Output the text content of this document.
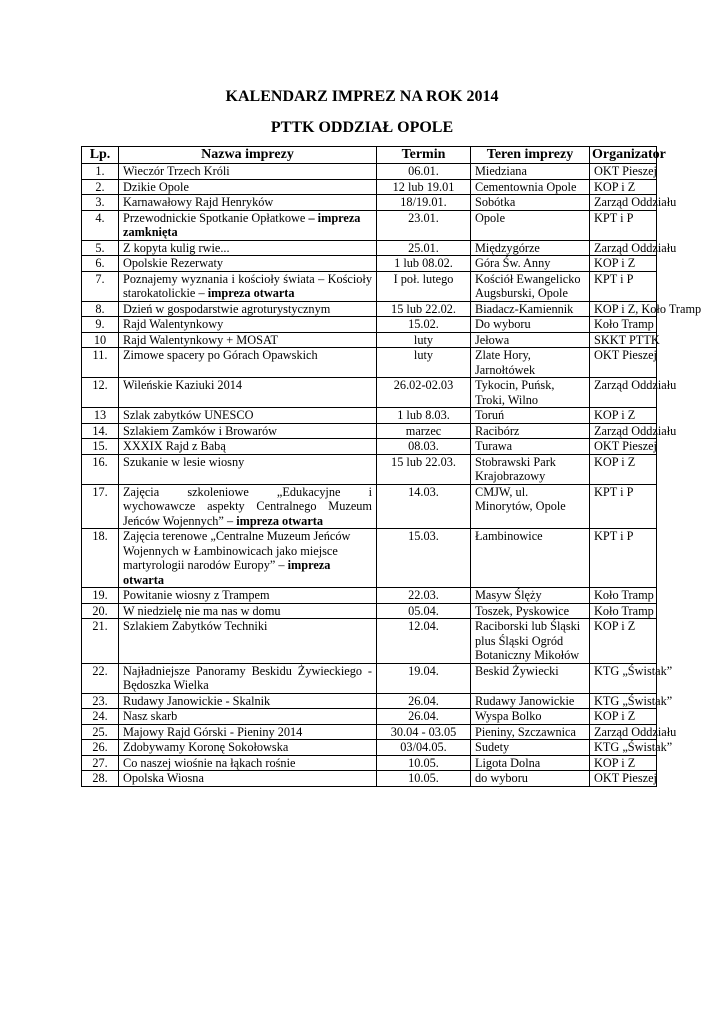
KALENDARZ IMPREZ NA ROK 2014
PTTK ODDZIAŁ OPOLE
Lp.	Nazwa imprezy	Termin	Teren imprezy	Organizator
1.	Wieczór Trzech Króli	06.01.	Miedziana	OKT Pieszej
2.	Dzikie Opole	12 lub 19.01	Cementownia Opole	KOP i Z
3.	Karnawałowy Rajd Henryków	18/19.01.	Sobótka	Zarząd Oddziału
4.	Przewodnickie Spotkanie Opłatkowe – impreza zamknięta	23.01.	Opole	KPT i P
5.	Z kopyta kulig rwie...	25.01.	Międzygórze	Zarząd Oddziału
6.	Opolskie Rezerwaty	1 lub 08.02.	Góra Św. Anny	KOP i Z
7.	Poznajemy wyznania i kościoły świata – Kościoły starokatolickie – impreza otwarta	I poł. lutego	Kościół Ewangelicko Augsburski, Opole	KPT i P
8.	Dzień w gospodarstwie agroturystycznym	15 lub 22.02.	Biadacz-Kamiennik	KOP i Z, Koło Tramp
9.	Rajd Walentynkowy	15.02.	Do wyboru	Koło Tramp
10	Rajd Walentynkowy + MOSAT	luty	Jełowa	SKKT PTTK
11.	Zimowe spacery po Górach Opawskich	luty	Zlate Hory, Jarnołtówek	OKT Pieszej
12.	Wileńskie Kaziuki 2014	26.02-02.03	Tykocin, Puńsk, Troki, Wilno	Zarząd Oddziału
13	Szlak zabytków UNESCO	1 lub 8.03.	Toruń	KOP i Z
14.	Szlakiem Zamków i Browarów	marzec	Racibórz	Zarząd Oddziału
15.	XXXIX Rajd z Babą	08.03.	Turawa	OKT Pieszej
16.	Szukanie w lesie wiosny	15 lub 22.03.	Stobrawski Park Krajobrazowy	KOP i Z
17.	Zajęcia szkoleniowe „Edukacyjne i wychowawcze aspekty Centralnego Muzeum Jeńców Wojennych” – impreza otwarta	14.03.	CMJW, ul. Minorytów, Opole	KPT i P
18.	Zajęcia terenowe „Centralne Muzeum Jeńców Wojennych w Łambinowicach jako miejsce martyrologii narodów Europy” – impreza otwarta	15.03.	Łambinowice	KPT i P
19.	Powitanie wiosny z Trampem	22.03.	Masyw Ślęży	Koło Tramp
20.	W niedzielę nie ma nas w domu	05.04.	Toszek, Pyskowice	Koło Tramp
21.	Szlakiem Zabytków Techniki	12.04.	Raciborski lub Śląski plus Śląski Ogród Botaniczny Mikołów	KOP i Z
22.	Najładniejsze Panoramy Beskidu Żywieckiego - Będoszka Wielka	19.04.	Beskid Żywiecki	KTG „Świstak”
23.	Rudawy Janowickie - Skalnik	26.04.	Rudawy Janowickie	KTG „Świstak”
24.	Nasz skarb	26.04.	Wyspa Bolko	KOP i Z
25.	Majowy Rajd Górski - Pieniny 2014	30.04 - 03.05	Pieniny, Szczawnica	Zarząd Oddziału
26.	Zdobywamy Koronę Sokołowska	03/04.05.	Sudety	KTG „Świstak”
27.	Co naszej wiośnie na łąkach rośnie	10.05.	Ligota Dolna	KOP i Z
28.	Opolska Wiosna	10.05.	do wyboru	OKT Pieszej
